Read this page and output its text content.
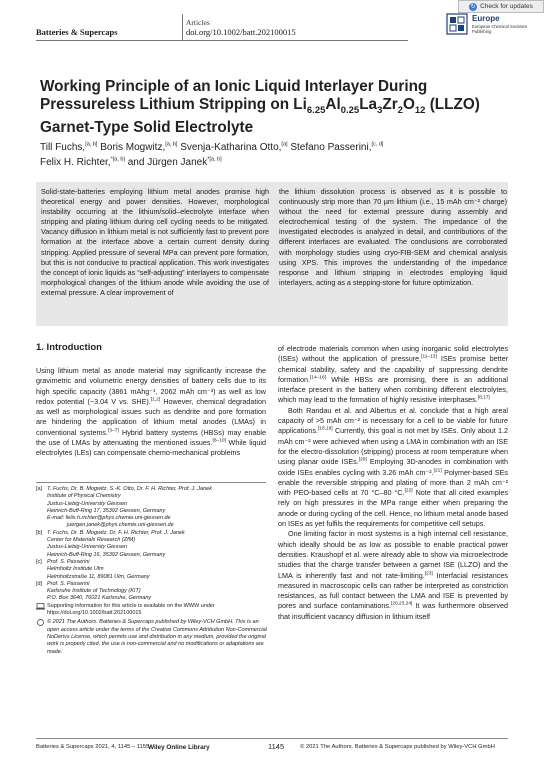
Batteries & Supercaps
Articles
doi.org/10.1002/batt.202100015
↻ Check for updates
Europe
European Chemical Societies Publishing
Working Principle of an Ionic Liquid Interlayer During Pressureless Lithium Stripping on $Li_{6.25}Al_{0.25}La_3Zr_2O_{12}$ (LLZO) Garnet-Type Solid Electrolyte
Till Fuchs,[a, b] Boris Mogwitz,[a, b] Svenja-Katharina Otto,[a] Stefano Passerini,[c, d]
Felix H. Richter,$^{*[a, b]}$ and Jürgen Janek$^{*[a, b]}$
Solid-state-batteries employing lithium metal anodes promise high theoretical energy and power densities. However, morphological instability occurring at the lithium/solid–electrolyte interface when stripping and plating lithium during cell cycling needs to be mitigated. Vacancy diffusion in lithium metal is not sufficiently fast to prevent pore formation at the interface above a certain current density during stripping. Applied pressure of several MPa can prevent pore formation, but this is not conducive to practical application. This work investigates the concept of ionic liquids as “self-adjusting” interlayers to compensate morphological changes of the lithium anode while avoiding the use of external pressure. A clear improvement of
the lithium dissolution process is observed as it is possible to continuously strip more than 70 µm lithium (i.e., 15 mAh cm⁻² charge) without the need for external pressure during assembly and electrochemical testing of the system. The impedance of the investigated electrodes is analyzed in detail, and contributions of the different interfaces are evaluated. The conclusions are corroborated with morphology studies using cryo-FIB-SEM and chemical analysis using XPS. This improves the understanding of the impedance response and lithium stripping in electrodes employing liquid interlayers, acting as a stepping-stone for future optimization.
1. Introduction

Using lithium metal as anode material may significantly increase the gravimetric and volumetric energy densities of battery cells due to its high specific capacity (3861 mAhg⁻¹, 2062 mAh cm⁻³) as well as low redox potential (−3.04 V vs. SHE).[1,2] However, chemical degradation as well as morphological issues such as dendrite and pore formation are hindering the application of lithium metal anodes (LMAs) in conventional systems.[3–7] Hybrid battery systems (HBSs) may enable the use of LMAs by attenuating the mentioned issues.[8–10] While liquid electrolytes (LEs) can compensate chemo-mechanical problems

[a] T. Fuchs, Dr. B. Mogwitz, S.-K. Otto, Dr. F. H. Richter, Prof. J. Janek
Institute of Physical Chemistry
Justus-Liebig-University Giessen
Heinrich-Buff-Ring 17, 35392 Giessen, Germany
E-mail: felix.h.richter@phys.chemie.uni-giessen.de
juergen.janek@phys.chemie.uni-giessen.de
[b] T. Fuchs, Dr. B. Mogwitz, Dr. F. H. Richter, Prof. J. Janek
Center for Materials Research (ZfM)
Justus-Liebig-University Giessen
Heinrich-Buff-Ring 16, 35392 Giessen, Germany
[c] Prof. S. Passerini
Helmholtz Institute Ulm
Helmholtzstraße 11, 89081 Ulm, Germany
[d] Prof. S. Passerini
Karlsruhe Institute of Technology (KIT)
P.O. Box 3640, 76021 Karlsruhe, Germany
Supporting information for this article is available on the WWW under https://doi.org/10.1002/batt.202100015
© 2021 The Authors. Batteries & Supercaps published by Wiley-VCH GmbH. This is an open access article under the terms of the Creative Commons Attribution Non-Commercial NoDerivs License, which permits use and distribution in any medium, provided the original work is properly cited, the use is non-commercial and no modifications or adaptations are made.

of electrode materials common when using inorganic solid electrolytes (ISEs) without the application of pressure,[11–13] ISEs promise better chemical stability, safety and the capability of suppressing dendrite formation.[14–16] While HBSs are promising, there is an additional interface present in the battery when combining different electrolytes, which may lead to the formation of highly resistive interphases.[8,17]

Both Randau et al. and Albertus et al. conclude that a high areal capacity of >5 mAh cm⁻² is necessary for a cell to be viable for future applications.[18,19] Currently, this goal is not met by ISEs. Only about 1.2 mAh cm⁻² were achieved when using a LMA in combination with an ISE for the electro-dissolution (stripping) process at room temperature when using planar oxide ISEs.[20] Employing 3D-anodes in combination with oxide ISEs enables cycling with 3.26 mAh cm⁻².[21] Polymer-based SEs enable the reversible stripping and plating of more than 2 mAh cm⁻² with PEO-based cells at 70 °C–80 °C.[22] Note that all cited examples rely on high pressures in the MPa range either when preparing the anode or during cycling of the cell. Hence, no lithium metal anode based on ISEs as yet fulfils the requirements for competitive cell setups.

One limiting factor in most systems is a high internal cell resistance, which ideally should be as low as possible to enable practical power densities. Kraushopf et al. were already able to show via microelectrode studies that the charge transfer between a garnet ISE (LLZO) and the LMA is inherently fast and not rate-limiting.[23] Interfacial resistances measured in macroscopic cells can rather be interpreted as constriction resistances, as full contact between the LMA and ISE is prevented by pores and surface contaminations.[20,23,24] It was furthermore observed that insufficient vacancy diffusion in lithium itself

Batteries & Supercaps 2021, 4, 1145 – 1155
Wiley Online Library	1145	© 2021 The Authors. Batteries & Supercaps published by Wiley-VCH GmbH
